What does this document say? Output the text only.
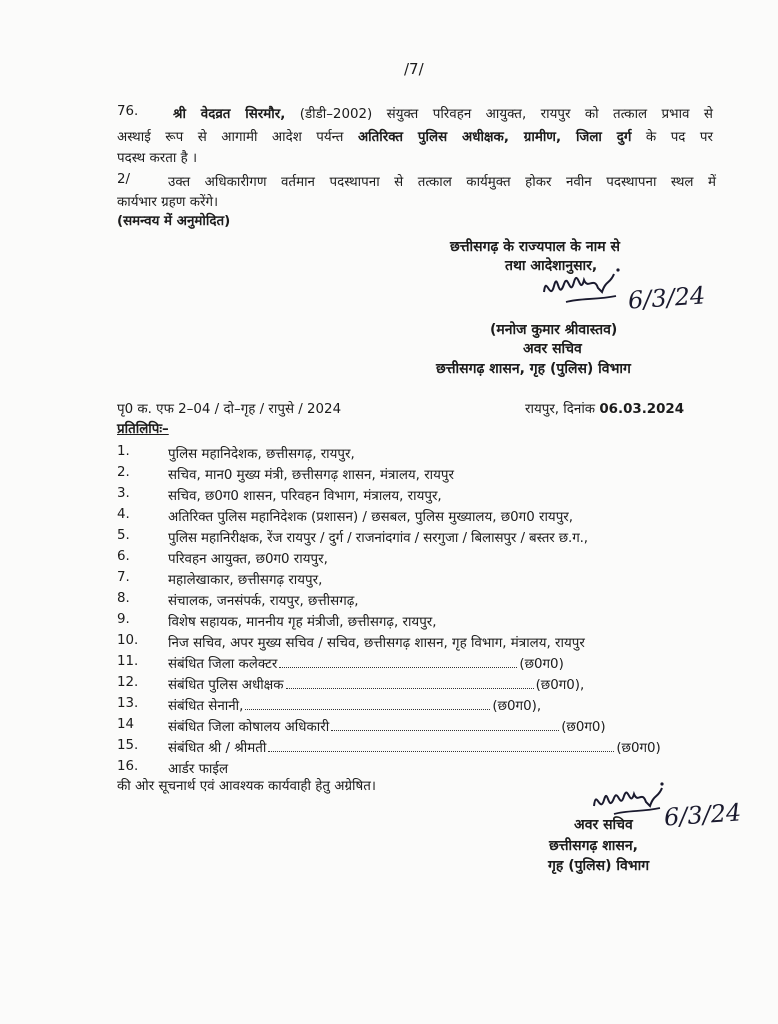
/7/
76.	श्री वेदव्रत सिरमौर, (डीडी–2002) संयुक्त परिवहन आयुक्त, रायपुर को तत्काल प्रभाव से
अस्थाई रूप से आगामी आदेश पर्यन्त अतिरिक्त पुलिस अधीक्षक, ग्रामीण, जिला दुर्ग के पद पर
पदस्थ करता है ।
2/	उक्त अधिकारीगण वर्तमान पदस्थापना से तत्काल कार्यमुक्त होकर नवीन पदस्थापना स्थल में
कार्यभार ग्रहण करेंगे।
(समन्वय में अनुमोदित)
छत्तीसगढ़ के राज्यपाल के नाम से
तथा आदेशानुसार,
6/3/24
(मनोज कुमार श्रीवास्तव)
अवर सचिव
छत्तीसगढ़ शासन, गृह (पुलिस) विभाग
पृ0 क. एफ 2–04 / दो–गृह / रापुसे / 2024	रायपुर, दिनांक 06.03.2024
प्रतिलिपिः–
1.	पुलिस महानिदेशक, छत्तीसगढ़, रायपुर,
2.	सचिव, मान0 मुख्य मंत्री, छत्तीसगढ़ शासन, मंत्रालय, रायपुर
3.	सचिव, छ0ग0 शासन, परिवहन विभाग, मंत्रालय, रायपुर,
4.	अतिरिक्त पुलिस महानिदेशक (प्रशासन) / छसबल, पुलिस मुख्यालय, छ0ग0 रायपुर,
5.	पुलिस महानिरीक्षक, रेंज रायपुर / दुर्ग / राजनांदगांव / सरगुजा / बिलासपुर / बस्तर छ.ग.,
6.	परिवहन आयुक्त, छ0ग0 रायपुर,
7.	महालेखाकार, छत्तीसगढ़ रायपुर,
8.	संचालक, जनसंपर्क, रायपुर, छत्तीसगढ़,
9.	विशेष सहायक, माननीय गृह मंत्रीजी, छत्तीसगढ़, रायपुर,
10. निज सचिव, अपर मुख्य सचिव / सचिव, छत्तीसगढ़ शासन, गृह विभाग, मंत्रालय, रायपुर
11. संबंधित जिला कलेक्टर	(छ0ग0)
12. संबंधित पुलिस अधीक्षक	(छ0ग0),
13. संबंधित सेनानी,	(छ0ग0),
14	संबंधित जिला कोषालय अधिकारी	(छ0ग0)
15. संबंधित श्री / श्रीमती	(छ0ग0)
16. आर्डर फाईल
की ओर सूचनार्थ एवं आवश्यक कार्यवाही हेतु अग्रेषित।
6/3/24
अवर सचिव
छत्तीसगढ़ शासन,
गृह (पुलिस) विभाग
